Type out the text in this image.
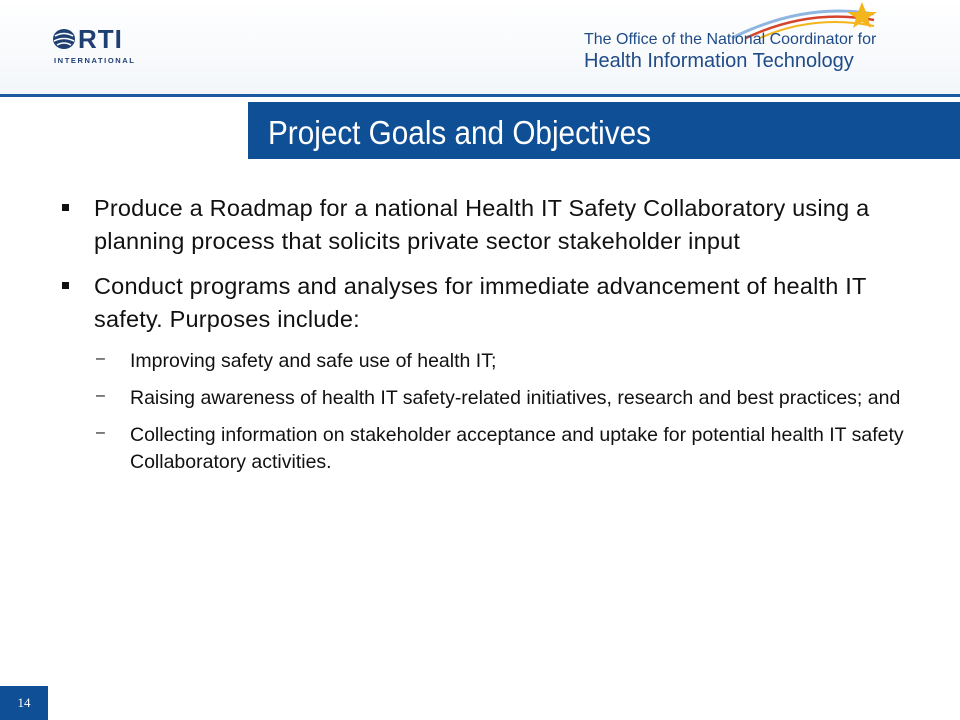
RTI
INTERNATIONAL
The Office of the National Coordinator for
Health Information Technology
Project Goals and Objectives
Produce a Roadmap for a national Health IT Safety Collaboratory using a planning process that solicits private sector stakeholder input
Conduct programs and analyses for immediate advancement of health IT safety. Purposes include:
– Improving safety and safe use of health IT;
– Raising awareness of health IT safety-related initiatives, research and best practices; and
– Collecting information on stakeholder acceptance and uptake for potential health IT safety Collaboratory activities.
14
